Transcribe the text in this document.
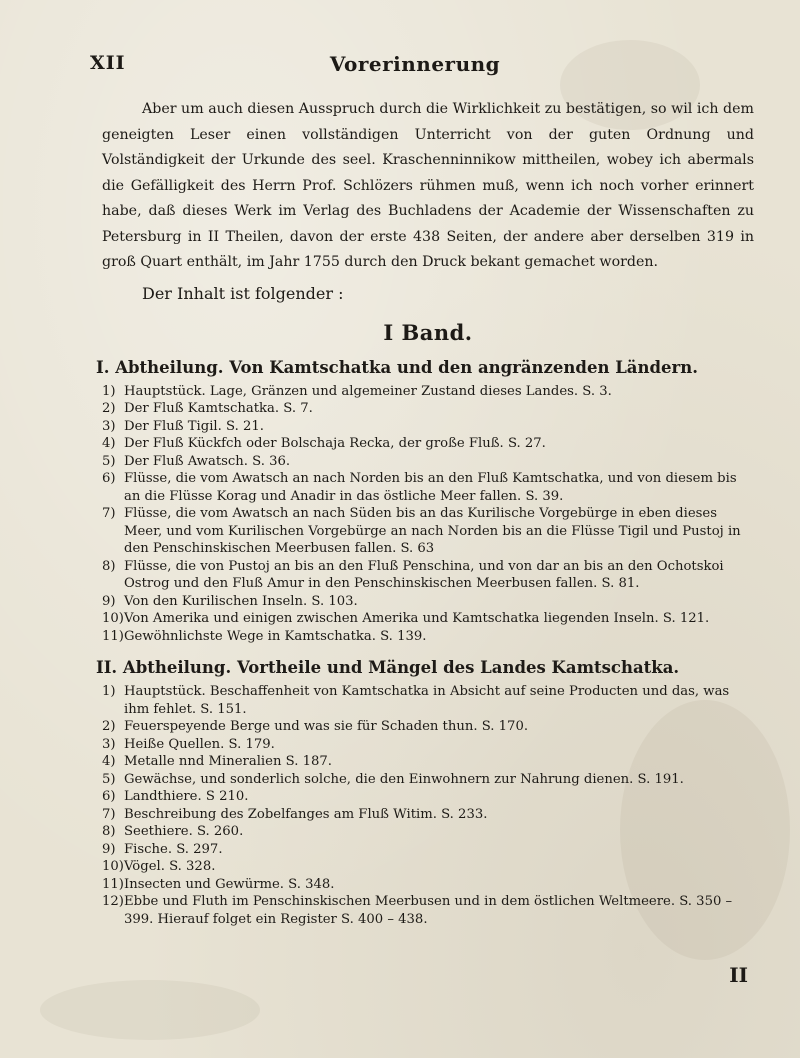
XII	Vorerinnerung

Aber um auch diesen Ausspruch durch die Wirklichkeit zu bestätigen, so wil ich dem geneigten Leser einen vollständigen Unterricht von der guten Ordnung und Volständigkeit der Urkunde des seel. Kraschenninnikow mittheilen, wobey ich abermals die Gefälligkeit des Herrn Prof. Schlözers rühmen muß, wenn ich noch vorher erinnert habe, daß dieses Werk im Verlag des Buchladens der Academie der Wissenschaften zu Petersburg in II Theilen, davon der erste 438 Seiten, der andere aber derselben 319 in groß Quart enthält, im Jahr 1755 durch den Druck bekant gemachet worden.

Der Inhalt ist folgender :

I Band.
I. Abtheilung. Von Kamtschatka und den angränzenden Ländern.
1) Hauptstück. Lage, Gränzen und algemeiner Zustand dieses Landes. S. 3.
2) Der Fluß Kamtschatka. S. 7.
3) Der Fluß Tigil. S. 21.
4) Der Fluß Kückfch oder Bolschaja Recka, der große Fluß. S. 27.
5) Der Fluß Awatsch. S. 36.
6) Flüsse, die vom Awatsch an nach Norden bis an den Fluß Kamtschatka, und von diesem bis an die Flüsse Korag und Anadir in das östliche Meer fallen. S. 39.
7) Flüsse, die vom Awatsch an nach Süden bis an das Kurilische Vorgebürge in eben dieses Meer, und vom Kurilischen Vorgebürge an nach Norden bis an die Flüsse Tigil und Pustoj in den Penschinskischen Meerbusen fallen. S. 63
8) Flüsse, die von Pustoj an bis an den Fluß Penschina, und von dar an bis an den Ochotskoi Ostrog und den Fluß Amur in den Penschinskischen Meerbusen fallen. S. 81.
9) Von den Kurilischen Inseln. S. 103.
10)Von Amerika und einigen zwischen Amerika und Kamtschatka liegenden Inseln. S. 121.
11)Gewöhnlichste Wege in Kamtschatka. S. 139.
II. Abtheilung. Vortheile und Mängel des Landes Kamtschatka.
1) Hauptstück. Beschaffenheit von Kamtschatka in Absicht auf seine Producten und das, was ihm fehlet. S. 151.
2) Feuerspeyende Berge und was sie für Schaden thun. S. 170.
3) Heiße Quellen. S. 179.
4) Metalle nnd Mineralien S. 187.
5) Gewächse, und sonderlich solche, die den Einwohnern zur Nahrung dienen. S. 191.
6) Landthiere. S 210.
7) Beschreibung des Zobelfanges am Fluß Witim. S. 233.
8) Seethiere. S. 260.
9) Fische. S. 297.
10)Vögel. S. 328.
11)Insecten und Gewürme. S. 348.
12)Ebbe und Fluth im Penschinskischen Meerbusen und in dem östlichen Weltmeere. S. 350 – 399. Hierauf folget ein Register S. 400 – 438.
II
